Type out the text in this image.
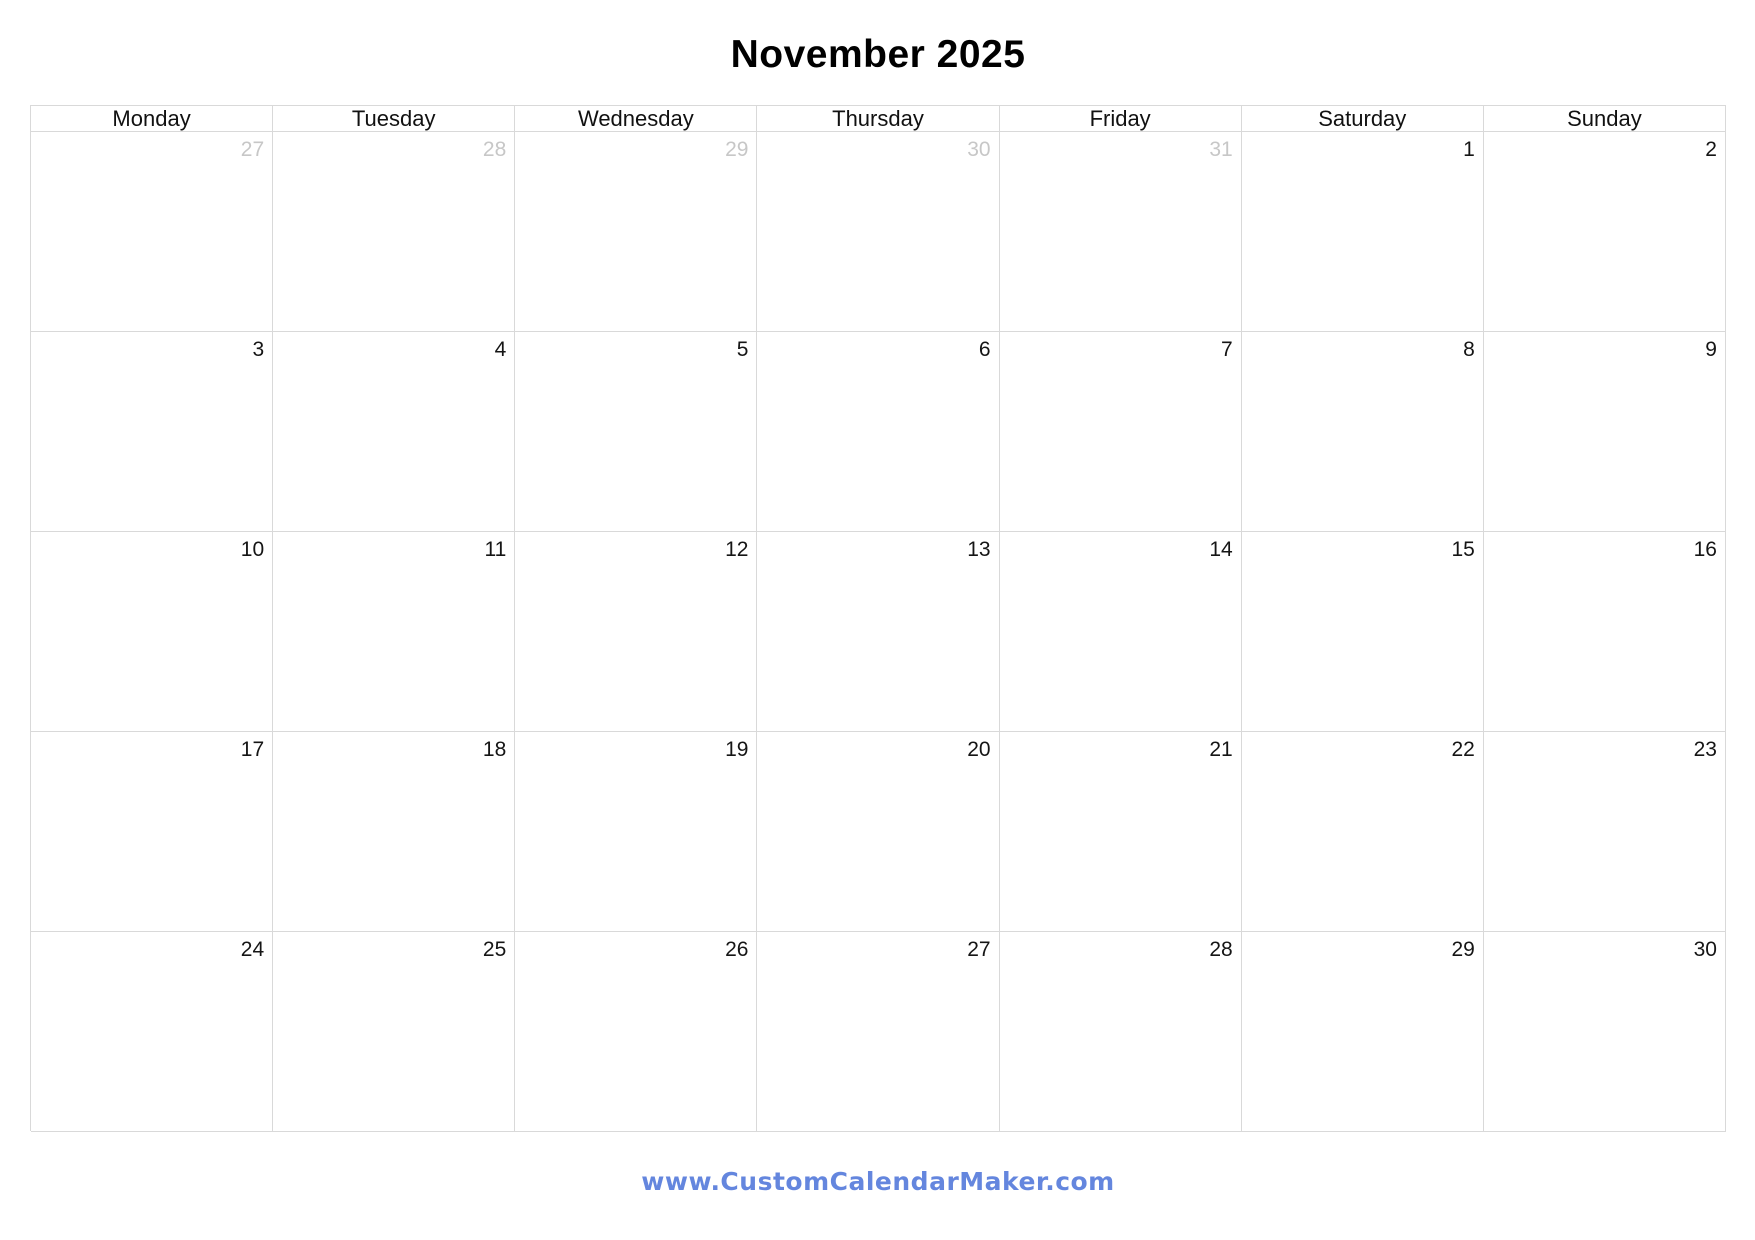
November 2025
Monday	Tuesday	Wednesday	Thursday	Friday	Saturday	Sunday
27	28	29	30	31	1	2
3	4	5	6	7	8	9
10	11	12	13	14	15	16
17	18	19	20	21	22	23
24	25	26	27	28	29	30
www.CustomCalendarMaker.com
